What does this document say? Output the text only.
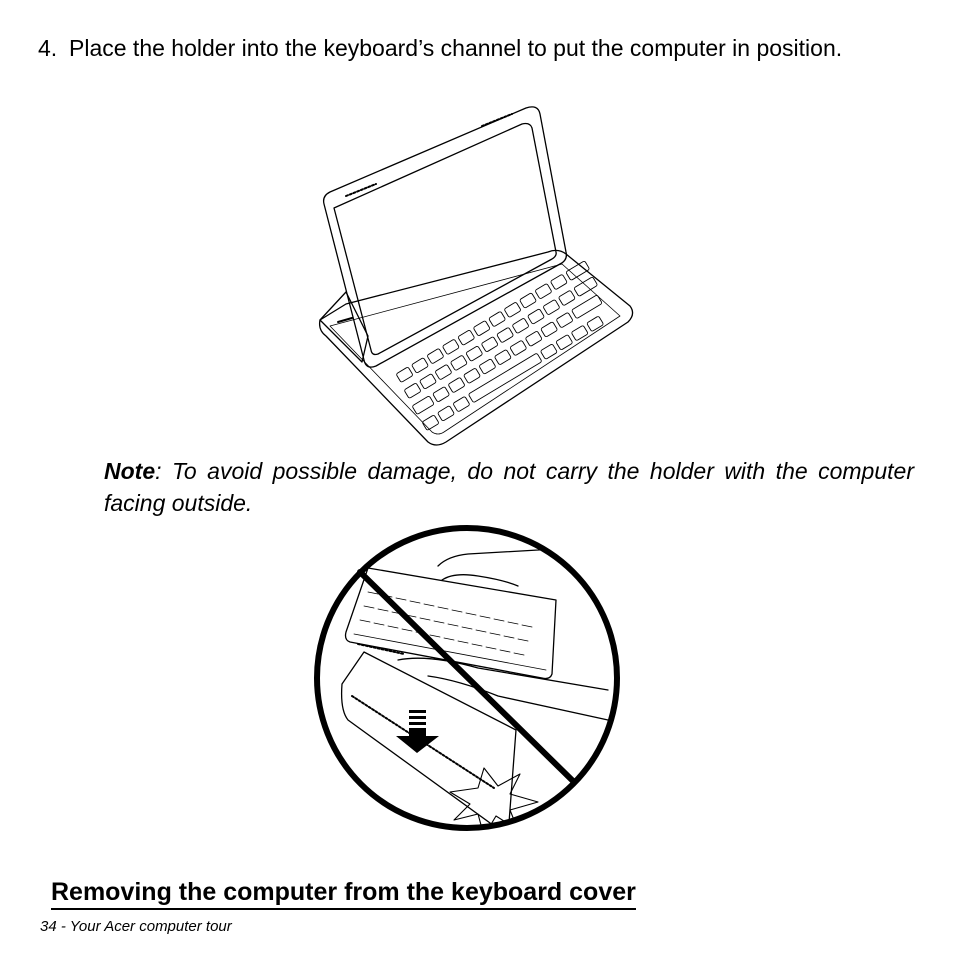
4. Place the holder into the keyboard’s channel to put the computer in position.
Note: To avoid possible damage, do not carry the holder with the computer facing outside.
Removing the computer from the keyboard cover
34 - Your Acer computer tour
